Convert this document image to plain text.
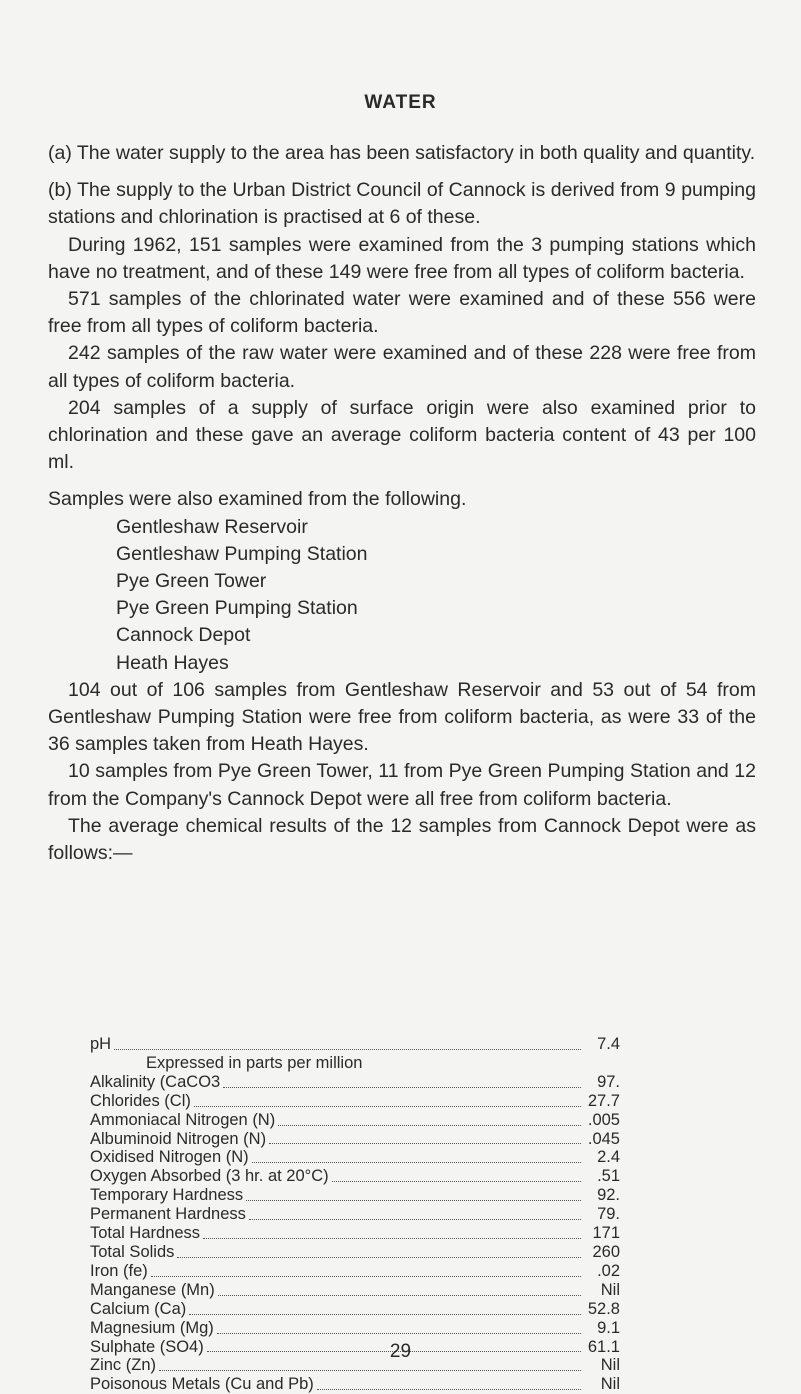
WATER

(a) The water supply to the area has been satisfactory in both quality and quantity.

(b) The supply to the Urban District Council of Cannock is derived from 9 pumping stations and chlorination is practised at 6 of these.

During 1962, 151 samples were examined from the 3 pumping stations which have no treatment, and of these 149 were free from all types of coliform bacteria.

571 samples of the chlorinated water were examined and of these 556 were free from all types of coliform bacteria.

242 samples of the raw water were examined and of these 228 were free from all types of coliform bacteria.

204 samples of a supply of surface origin were also examined prior to chlorination and these gave an average coliform bacteria content of 43 per 100 ml.

Samples were also examined from the following.

Gentleshaw Reservoir
Gentleshaw Pumping Station
Pye Green Tower
Pye Green Pumping Station
Cannock Depot
Heath Hayes

104 out of 106 samples from Gentleshaw Reservoir and 53 out of 54 from Gentleshaw Pumping Station were free from coliform bacteria, as were 33 of the 36 samples taken from Heath Hayes.

10 samples from Pye Green Tower, 11 from Pye Green Pumping Station and 12 from the Company's Cannock Depot were all free from coliform bacteria.

The average chemical results of the 12 samples from Cannock Depot were as follows:—

pH	7.4
Expressed in parts per million
Alkalinity (CaCO3	97.
Chlorides (Cl)	27.7
Ammoniacal Nitrogen (N)	.005
Albuminoid Nitrogen (N)	.045
Oxidised Nitrogen (N)	2.4
Oxygen Absorbed (3 hr. at 20°C)	.51
Temporary Hardness	92.
Permanent Hardness	79.
Total Hardness	171
Total Solids	260
Iron (fe)	.02
Manganese (Mn)	Nil
Calcium (Ca)	52.8
Magnesium (Mg)	9.1
Sulphate (SO4)	61.1
Zinc (Zn)	Nil
Poisonous Metals (Cu and Pb)	Nil
29
